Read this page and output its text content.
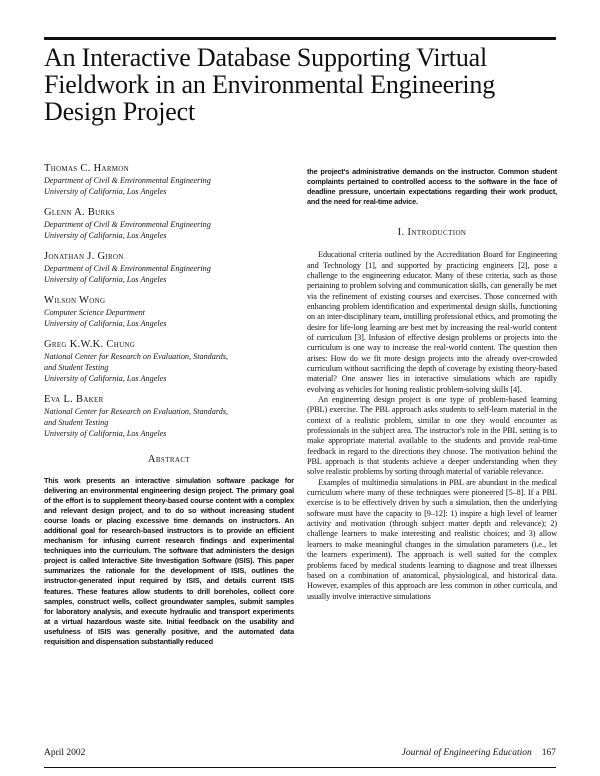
An Interactive Database Supporting Virtual Fieldwork in an Environmental Engineering Design Project
Thomas C. Harmon
Department of Civil & Environmental Engineering
University of California, Los Angeles
Glenn A. Burks
Department of Civil & Environmental Engineering
University of California, Los Angeles
Jonathan J. Giron
Department of Civil & Environmental Engineering
University of California, Los Angeles
Wilson Wong
Computer Science Department
University of California, Los Angeles
Greg K.W.K. Chung
National Center for Research on Evaluation, Standards,
and Student Testing
University of California, Los Angeles
Eva L. Baker
National Center for Research on Evaluation, Standards,
and Student Testing
University of California, Los Angeles
Abstract

This work presents an interactive simulation software package for delivering an environmental engineering design project. The primary goal of the effort is to supplement theory-based course content with a complex and relevant design project, and to do so without increasing student course loads or placing excessive time demands on instructors. An additional goal for research-based instructors is to provide an efficient mechanism for infusing current research findings and experimental techniques into the curriculum. The software that administers the design project is called Interactive Site Investigation Software (ISIS). This paper summarizes the rationale for the development of ISIS, outlines the instructor-generated input required by ISIS, and details current ISIS features. These features allow students to drill boreholes, collect core samples, construct wells, collect groundwater samples, submit samples for laboratory analysis, and execute hydraulic and transport experiments at a virtual hazardous waste site. Initial feedback on the usability and usefulness of ISIS was generally positive, and the automated data requisition and dispensation substantially reduced

the project's administrative demands on the instructor. Common student complaints pertained to controlled access to the software in the face of deadline pressure, uncertain expectations regarding their work product, and the need for real-time advice.

I. Introduction

Educational criteria outlined by the Accreditation Board for Engineering and Technology [1], and supported by practicing engineers [2], pose a challenge to the engineering educator. Many of these criteria, such as those pertaining to problem solving and communication skills, can generally be met via the refinement of existing courses and exercises. Those concerned with enhancing problem identification and experimental design skills, functioning on an inter-disciplinary team, instilling professional ethics, and promoting the desire for life-long learning are best met by increasing the real-world content of curriculum [3]. Infusion of effective design problems or projects into the curriculum is one way to increase the real-world content. The question then arises: How do we fit more design projects into the already over-crowded curriculum without sacrificing the depth of coverage by existing theory-based material? One answer lies in interactive simulations which are rapidly evolving as vehicles for honing realistic problem-solving skills [4].

An engineering design project is one type of problem-based learning (PBL) exercise. The PBL approach asks students to self-learn material in the context of a realistic problem, similar to one they would encounter as professionals in the subject area. The instructor's role in the PBL setting is to make appropriate material available to the students and provide real-time feedback in regard to the directions they choose. The motivation behind the PBL approach is that students achieve a deeper understanding when they solve realistic problems by sorting through material of variable relevance.

Examples of multimedia simulations in PBL are abundant in the medical curriculum where many of these techniques were pioneered [5–8]. If a PBL exercise is to be effectively driven by such a simulation, then the underlying software must have the capacity to [9–12]: 1) inspire a high level of learner activity and motivation (through subject matter depth and relevance); 2) challenge learners to make interesting and realistic choices; and 3) allow learners to make meaningful changes in the simulation parameters (i.e., let the learners experiment). The approach is well suited for the complex problems faced by medical students learning to diagnose and treat illnesses based on a combination of anatomical, physiological, and historical data. However, examples of this approach are less common in other curricula, and usually involve interactive simulations

April 2002	Journal of Engineering Education 167
